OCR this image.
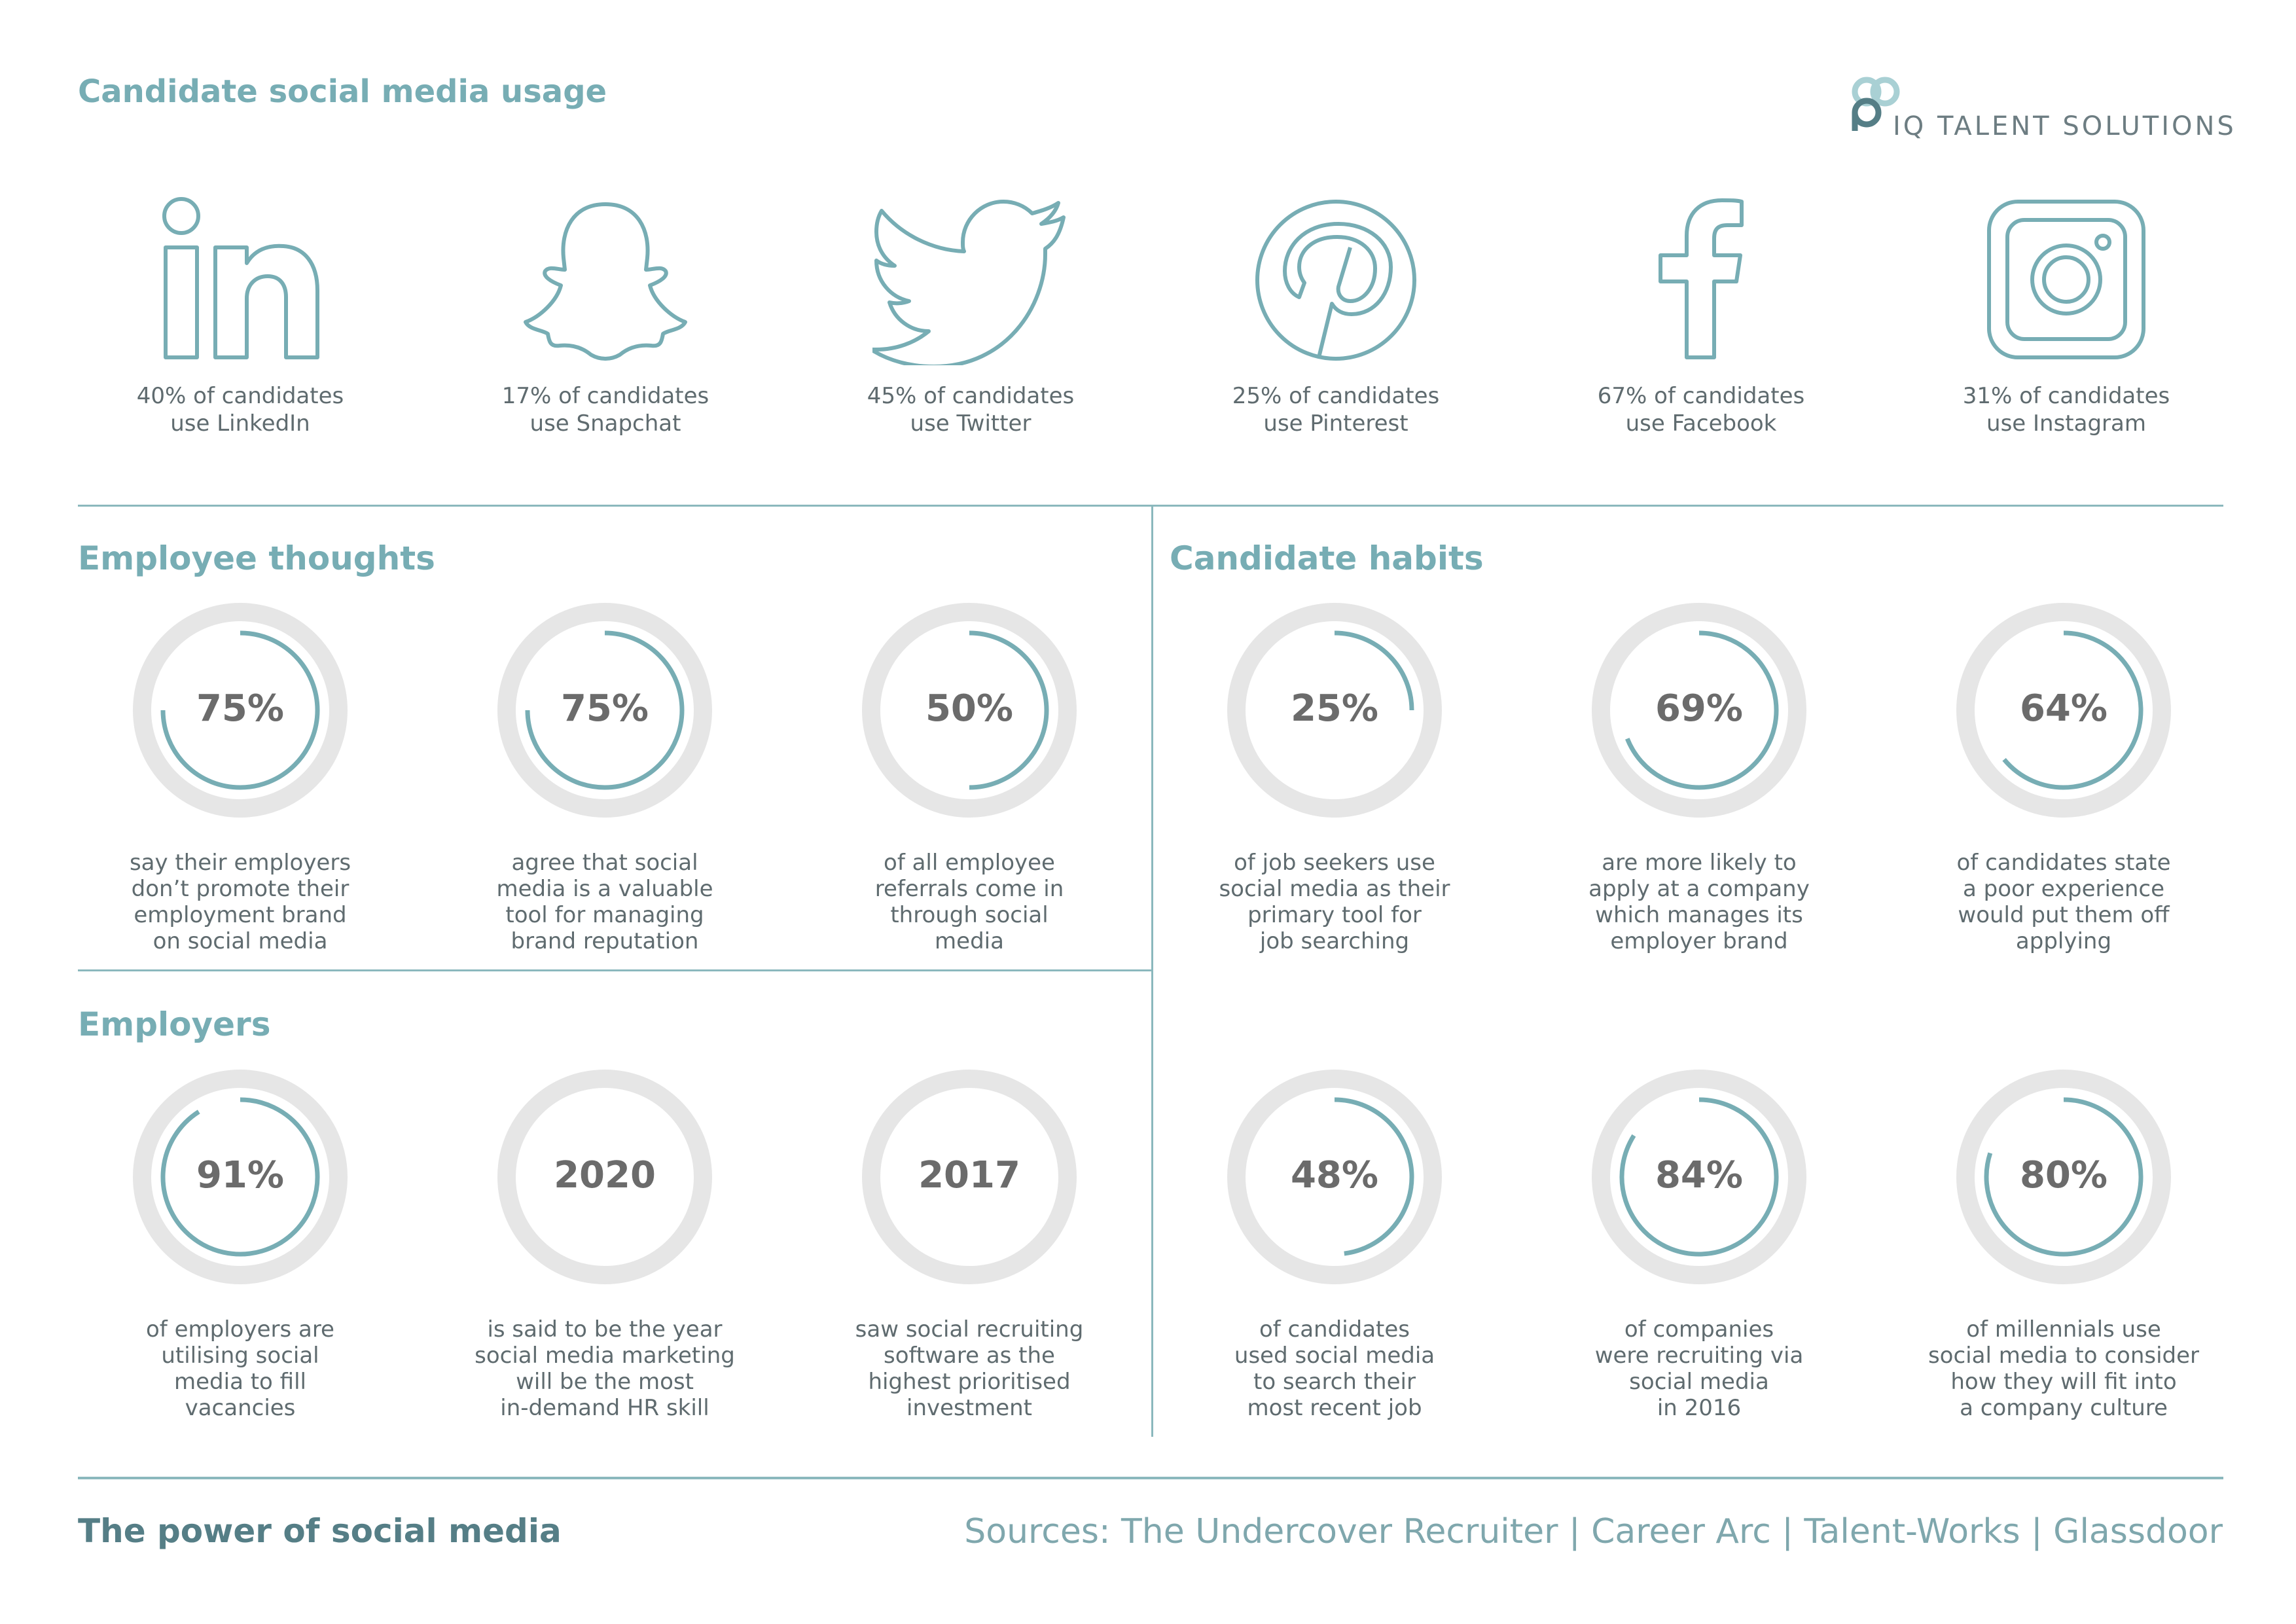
Candidate social media usage
IQ TALENT SOLUTIONS
40% of candidates
use LinkedIn
17% of candidates
use Snapchat
45% of candidates
use Twitter
25% of candidates
use Pinterest
67% of candidates
use Facebook
31% of candidates
use Instagram
Employee thoughts	Candidate habits
Employers
75%
say their employers
don’t promote their
employment brand
on social media
75%
agree that social
media is a valuable
tool for managing
brand reputation
50%
of all employee
referrals come in
through social
media
25%
of job seekers use
social media as their
primary tool for
job searching
69%
are more likely to
apply at a company
which manages its
employer brand
64%
of candidates state
a poor experience
would put them off
applying
48%
of candidates
used social media
to search their
most recent job
84%
of companies
were recruiting via
social media
in 2016
80%
of millennials use
social media to consider
how they will fit into
a company culture
91%
of employers are
utilising social
media to fill
vacancies
2020
is said to be the year
social media marketing
will be the most
in-demand HR skill
2017
saw social recruiting
software as the
highest prioritised
investment
The power of social media	Sources: The Undercover Recruiter | Career Arc | Talent-Works | Glassdoor
